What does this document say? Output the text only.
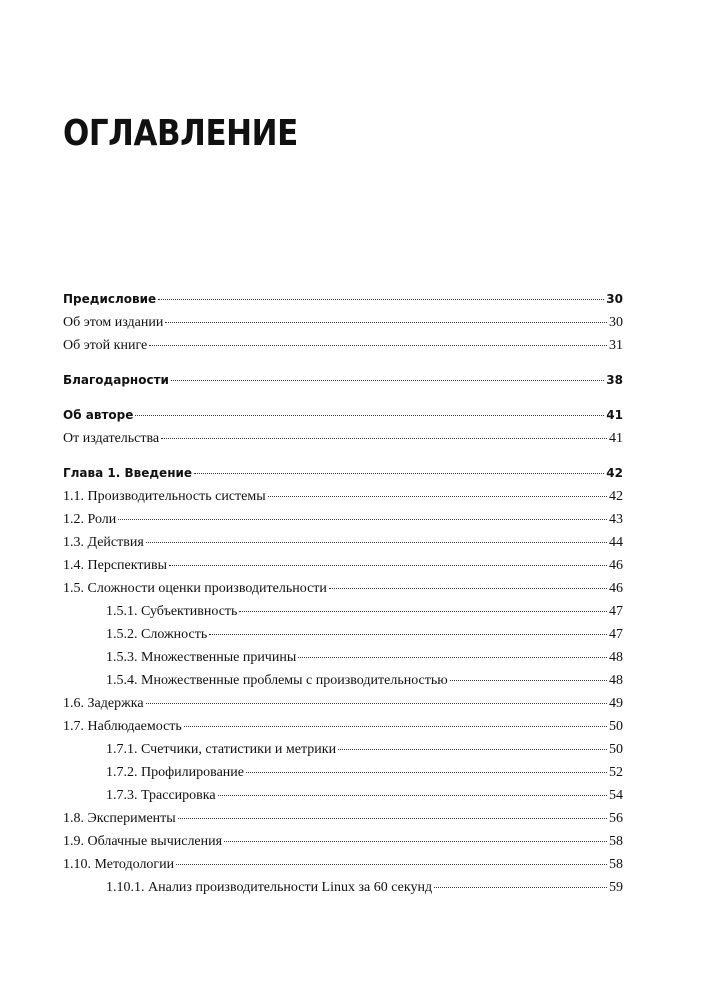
ОГЛАВЛЕНИЕ
Предисловие	30
Об этом издании	30
Об этой книге	31
Благодарности	38
Об авторе	41
От издательства	41
Глава 1. Введение	42
1.1. Производительность системы	42
1.2. Роли	43
1.3. Действия	44
1.4. Перспективы	46
1.5. Сложности оценки производительности	46
1.5.1. Субъективность	47
1.5.2. Сложность	47
1.5.3. Множественные причины	48
1.5.4. Множественные проблемы с производительностью	48
1.6. Задержка	49
1.7. Наблюдаемость	50
1.7.1. Счетчики, статистики и метрики	50
1.7.2. Профилирование	52
1.7.3. Трассировка	54
1.8. Эксперименты	56
1.9. Облачные вычисления	58
1.10. Методологии	58
1.10.1. Анализ производительности Linux за 60 секунд	59
